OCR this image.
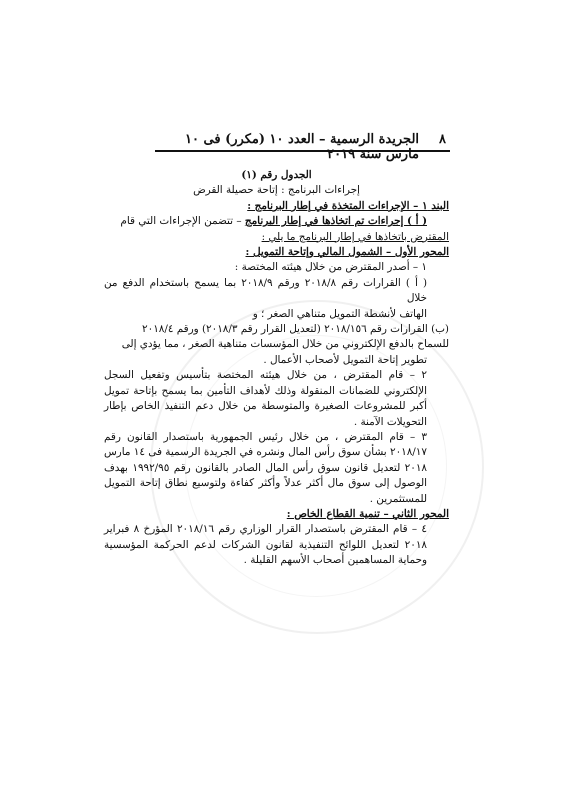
٨
الجريدة الرسمية – العدد ١٠ (مكرر) فى ١٠ مارس سنة ٢٠١٩

الجدول رقم (١)

إجراءات البرنامج : إتاحة حصيلة القرض

البند ١ – الإجراءات المتخذة في إطار البرنامج :

( أ ) إجراءات تم اتخاذها في إطار البرنامج – تتضمن الإجراءات التي قام

المقترض باتخاذها في إطار البرنامج ما يلي :

المحور الأول – الشمول المالي وإتاحة التمويل :

١ – أصدر المقترض من خلال هيئته المختصة :

( أ ) القرارات رقم ٢٠١٨/٨ ورقم ٢٠١٨/٩ بما يسمح باستخدام الدفع من خلال

الهاتف لأنشطة التمويل متناهي الصغر ؛ و

(ب) القرارات رقم ٢٠١٨/١٥٦ (لتعديل القرار رقم ٢٠١٨/٣) ورقم ٢٠١٨/٤

للسماح بالدفع الإلكتروني من خلال المؤسسات متناهية الصغر ، مما يؤدي إلى

تطوير إتاحة التمويل لأصحاب الأعمال .

٢ – قام المقترض ، من خلال هيئته المختصة بتأسيس وتفعيل السجل الإلكتروني للضمانات المنقولة وذلك لأهداف التأمين بما يسمح بإتاحة تمويل أكبر للمشروعات الصغيرة والمتوسطة من خلال دعم التنفيذ الخاص بإطار التحويلات الآمنة .

٣ – قام المقترض ، من خلال رئيس الجمهورية باستصدار القانون رقم ٢٠١٨/١٧ بشأن سوق رأس المال ونشره في الجريدة الرسمية فى ١٤ مارس ٢٠١٨ لتعديل قانون سوق رأس المال الصادر بالقانون رقم ١٩٩٢/٩٥ بهدف الوصول إلى سوق مال أكثر عدلاً وأكثر كفاءة ولتوسيع نطاق إتاحة التمويل للمستثمرين .

المحور الثاني – تنمية القطاع الخاص :

٤ – قام المقترض باستصدار القرار الوزاري رقم ٢٠١٨/١٦ المؤرخ ٨ فبراير ٢٠١٨ لتعديل اللوائح التنفيذية لقانون الشركات لدعم الحركمة المؤسسية وحماية المساهمين أصحاب الأسهم القليلة .
